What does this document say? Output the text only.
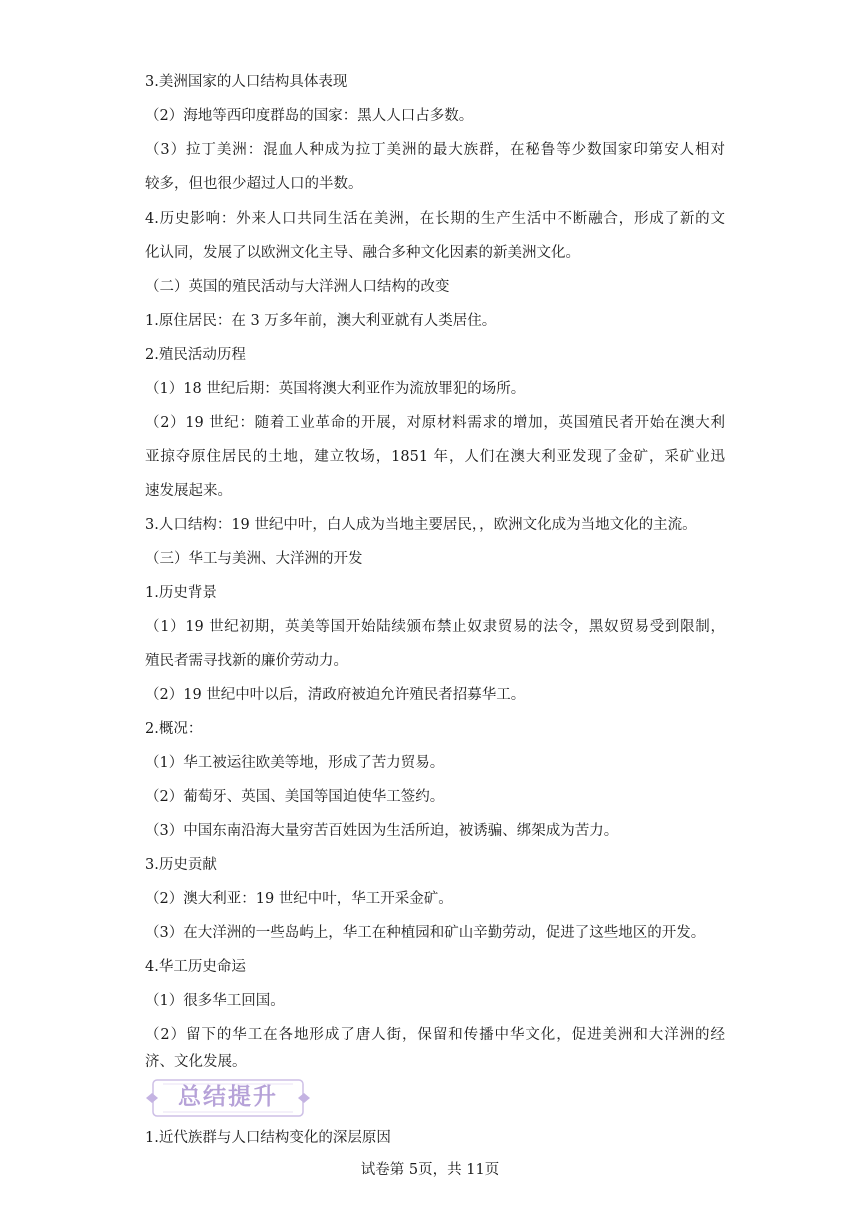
3.美洲国家的人口结构具体表现
（2）海地等西印度群岛的国家：黑人人口占多数。
（3）拉丁美洲：混血人种成为拉丁美洲的最大族群，在秘鲁等少数国家印第安人相对
较多，但也很少超过人口的半数。
4.历史影响：外来人口共同生活在美洲，在长期的生产生活中不断融合，形成了新的文
化认同，发展了以欧洲文化主导、融合多种文化因素的新美洲文化。
（二）英国的殖民活动与大洋洲人口结构的改变
1.原住居民：在 3 万多年前，澳大利亚就有人类居住。
2.殖民活动历程
（1）18 世纪后期：英国将澳大利亚作为流放罪犯的场所。
（2）19 世纪：随着工业革命的开展，对原材料需求的增加，英国殖民者开始在澳大利
亚掠夺原住居民的土地，建立牧场，1851 年，人们在澳大利亚发现了金矿，采矿业迅
速发展起来。
3.人口结构：19 世纪中叶，白人成为当地主要居民，，欧洲文化成为当地文化的主流。
（三）华工与美洲、大洋洲的开发
1.历史背景
（1）19 世纪初期，英美等国开始陆续颁布禁止奴隶贸易的法令，黑奴贸易受到限制，
殖民者需寻找新的廉价劳动力。
（2）19 世纪中叶以后，清政府被迫允许殖民者招募华工。
2.概况：
（1）华工被运往欧美等地，形成了苦力贸易。
（2）葡萄牙、英国、美国等国迫使华工签约。
（3）中国东南沿海大量穷苦百姓因为生活所迫，被诱骗、绑架成为苦力。
3.历史贡献
（2）澳大利亚：19 世纪中叶，华工开采金矿。
（3）在大洋洲的一些岛屿上，华工在种植园和矿山辛勤劳动，促进了这些地区的开发。
4.华工历史命运
（1）很多华工回国。
（2）留下的华工在各地形成了唐人街，保留和传播中华文化，促进美洲和大洋洲的经
济、文化发展。
总结提升
1.近代族群与人口结构变化的深层原因
试卷第 5页，共 11页
